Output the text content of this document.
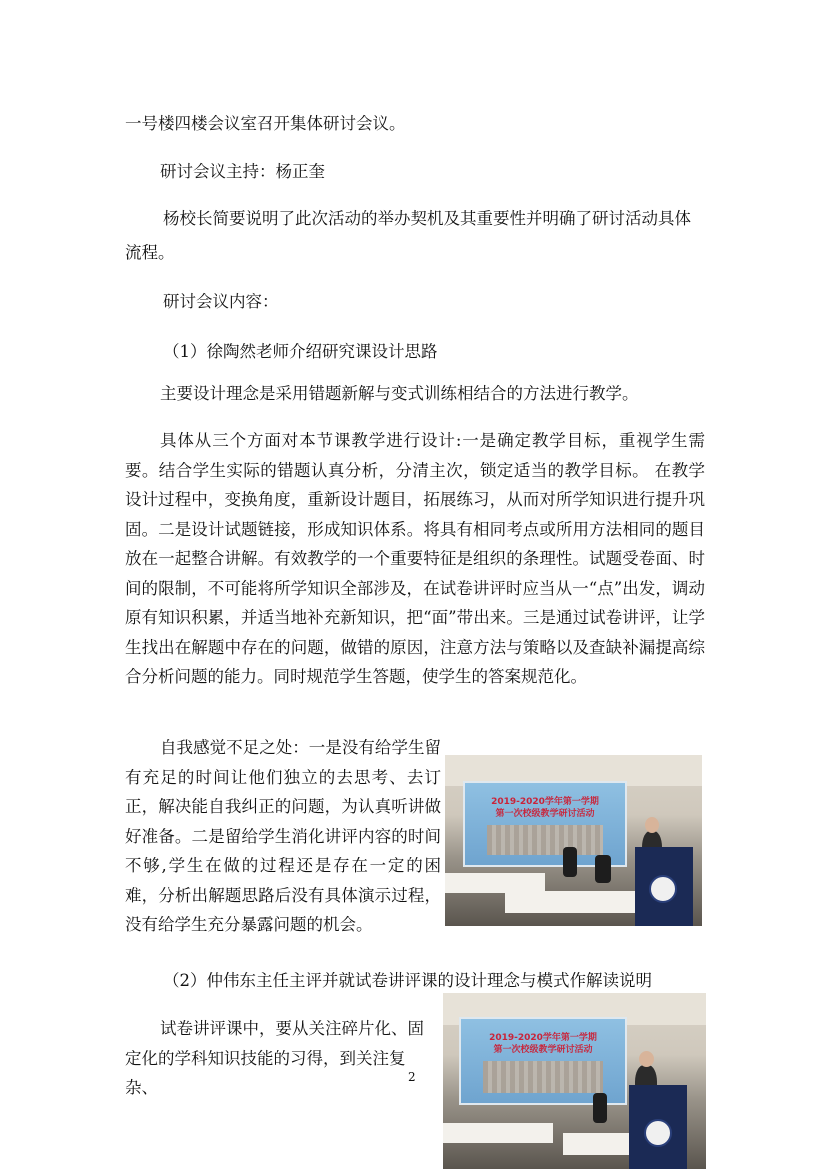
一号楼四楼会议室召开集体研讨会议。

研讨会议主持：杨正奎

杨校长简要说明了此次活动的举办契机及其重要性并明确了研讨活动具体

流程。

研讨会议内容：

（1）徐陶然老师介绍研究课设计思路

主要设计理念是采用错题新解与变式训练相结合的方法进行教学。

具体从三个方面对本节课教学进行设计:一是确定教学目标，重视学生需要。结合学生实际的错题认真分析，分清主次，锁定适当的教学目标。 在教学设计过程中，变换角度，重新设计题目，拓展练习，从而对所学知识进行提升巩固。二是设计试题链接，形成知识体系。将具有相同考点或所用方法相同的题目放在一起整合讲解。有效教学的一个重要特征是组织的条理性。试题受卷面、时间的限制，不可能将所学知识全部涉及，在试卷讲评时应当从一“点”出发，调动原有知识积累，并适当地补充新知识，把“面”带出来。三是通过试卷讲评，让学生找出在解题中存在的问题，做错的原因，注意方法与策略以及查缺补漏提高综合分析问题的能力。同时规范学生答题，使学生的答案规范化。

自我感觉不足之处：一是没有给学生留有充足的时间让他们独立的去思考、去订正，解决能自我纠正的问题，为认真听讲做好准备。二是留给学生消化讲评内容的时间不够,学生在做的过程还是存在一定的困难，分析出解题思路后没有具体演示过程，没有给学生充分暴露问题的机会。

2019-2020学年第一学期
第一次校级教学研讨活动

（2）仲伟东主任主评并就试卷讲评课的设计理念与模式作解读说明

试卷讲评课中，要从关注碎片化、固定化的学科知识技能的习得，到关注复杂、

2019-2020学年第一学期
第一次校级教学研讨活动
2
